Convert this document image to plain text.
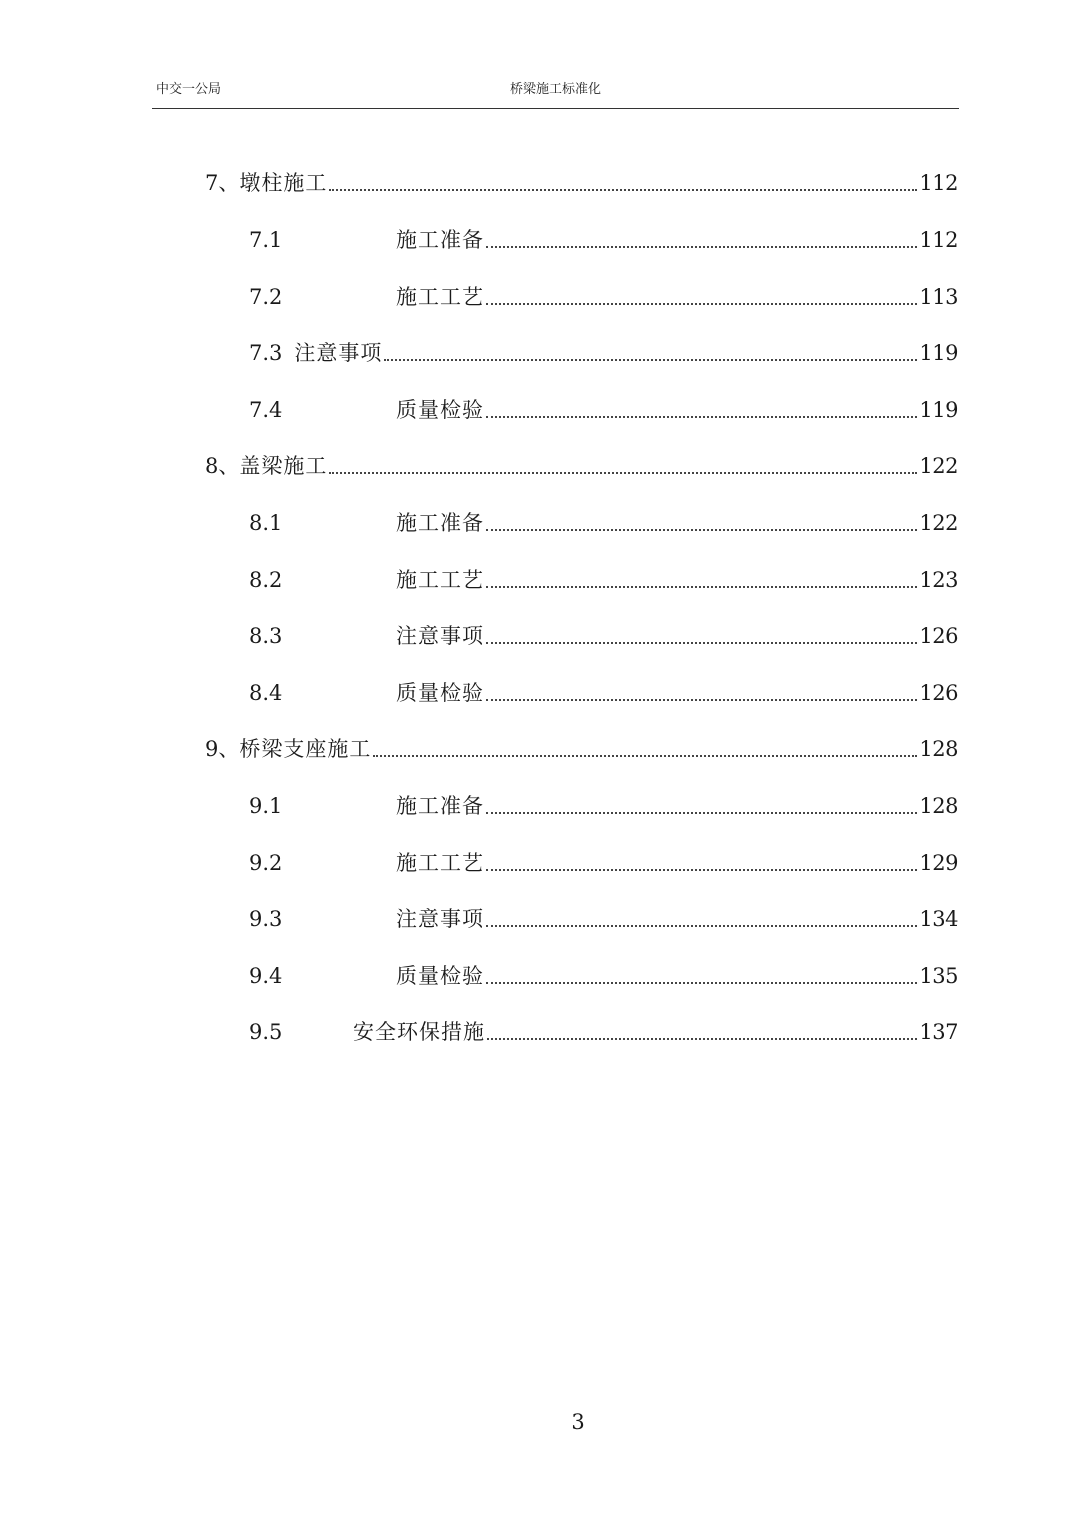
中交一公局	桥梁施工标准化
7、 墩柱施工	112
7.1	施工准备	112
7.2	施工工艺	113
7.3 注意事项	119
7.4	质量检验	119
8、 盖梁施工	122
8.1	施工准备	122
8.2	施工工艺	123
8.3	注意事项	126
8.4	质量检验	126
9、 桥梁支座施工	128
9.1	施工准备	128
9.2	施工工艺	129
9.3	注意事项	134
9.4	质量检验	135
9.5	安全环保措施	137
3
